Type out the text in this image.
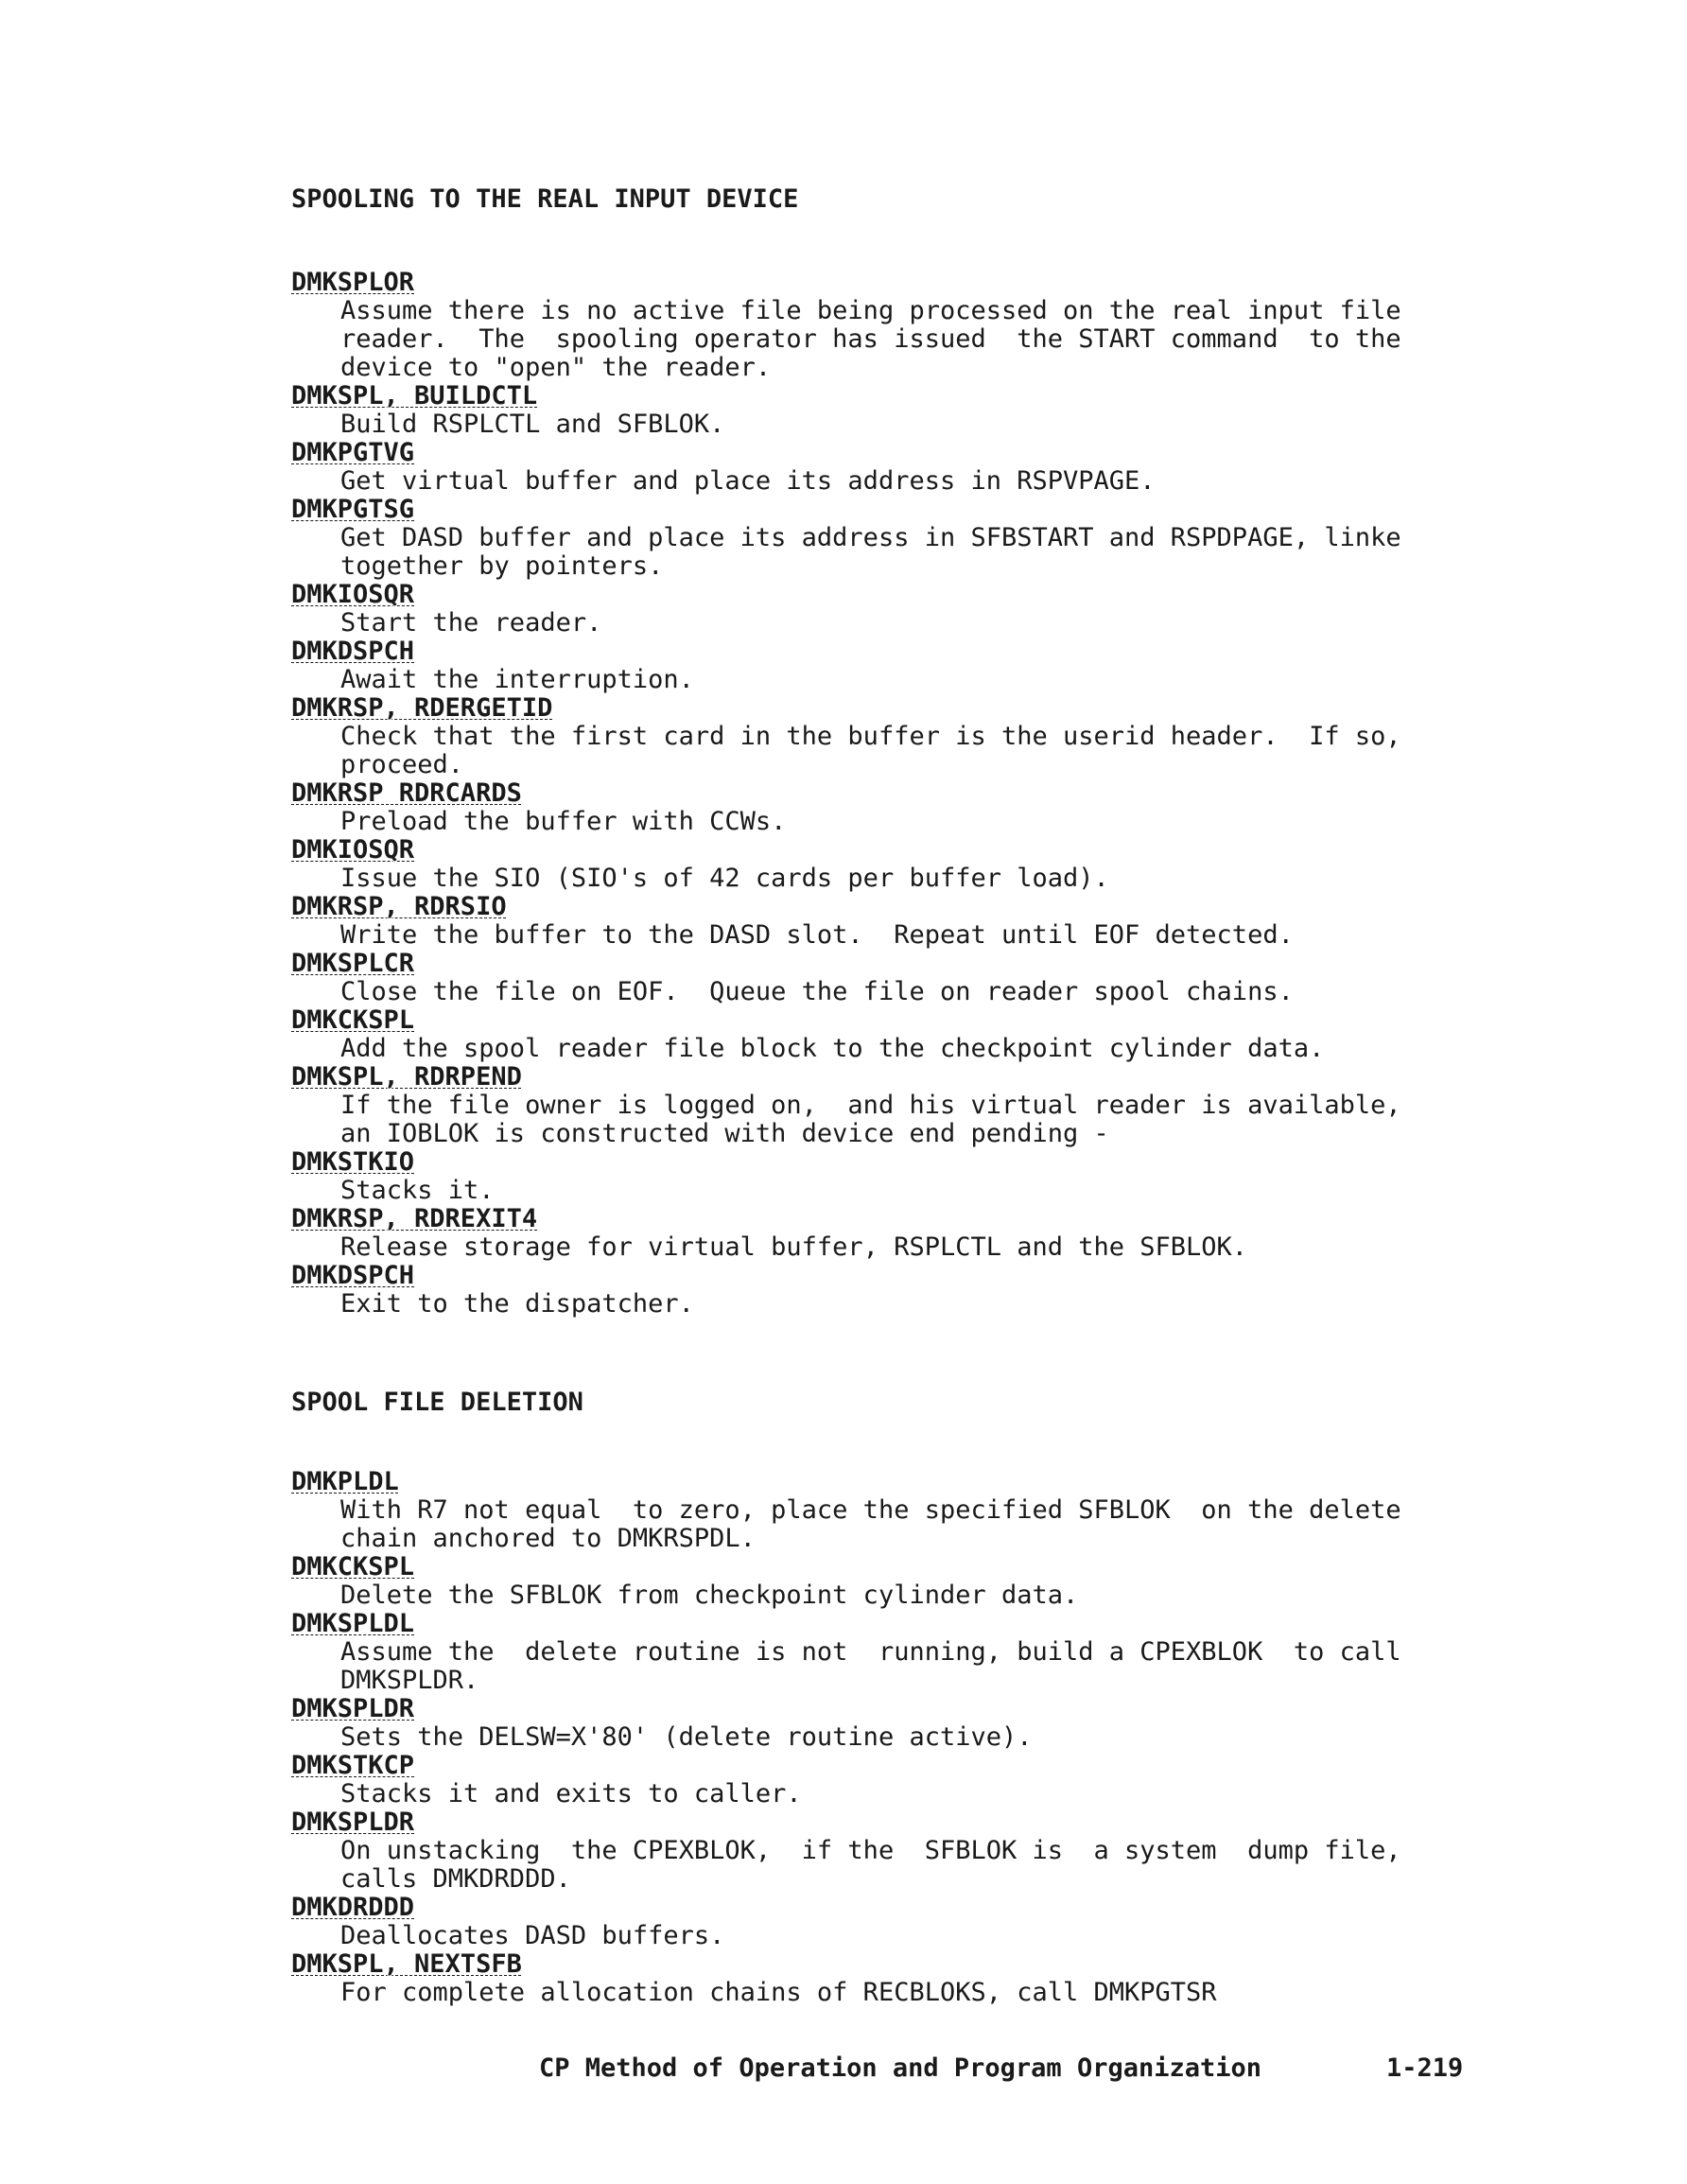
SPOOLING TO THE REAL INPUT DEVICE
DMKSPLOR
Assume there is no active file being processed on the real input file
reader.  The  spooling operator has issued  the START command  to the
device to "open" the reader.
DMKSPL, BUILDCTL
Build RSPLCTL and SFBLOK.
DMKPGTVG
Get virtual buffer and place its address in RSPVPAGE.
DMKPGTSG
Get DASD buffer and place its address in SFBSTART and RSPDPAGE, linke
together by pointers.
DMKIOSQR
Start the reader.
DMKDSPCH
Await the interruption.
DMKRSP, RDERGETID
Check that the first card in the buffer is the userid header.  If so,
proceed.
DMKRSP RDRCARDS
Preload the buffer with CCWs.
DMKIOSQR
Issue the SIO (SIO's of 42 cards per buffer load).
DMKRSP, RDRSIO
Write the buffer to the DASD slot.  Repeat until EOF detected.
DMKSPLCR
Close the file on EOF.  Queue the file on reader spool chains.
DMKCKSPL
Add the spool reader file block to the checkpoint cylinder data.
DMKSPL, RDRPEND
If the file owner is logged on,  and his virtual reader is available,
an IOBLOK is constructed with device end pending -
DMKSTKIO
Stacks it.
DMKRSP, RDREXIT4
Release storage for virtual buffer, RSPLCTL and the SFBLOK.
DMKDSPCH
Exit to the dispatcher.
SPOOL FILE DELETION
DMKPLDL
With R7 not equal  to zero, place the specified SFBLOK  on the delete
chain anchored to DMKRSPDL.
DMKCKSPL
Delete the SFBLOK from checkpoint cylinder data.
DMKSPLDL
Assume the  delete routine is not  running, build a CPEXBLOK  to call
DMKSPLDR.
DMKSPLDR
Sets the DELSW=X'80' (delete routine active).
DMKSTKCP
Stacks it and exits to caller.
DMKSPLDR
On unstacking  the CPEXBLOK,  if the  SFBLOK is  a system  dump file,
calls DMKDRDDD.
DMKDRDDD
Deallocates DASD buffers.
DMKSPL, NEXTSFB
For complete allocation chains of RECBLOKS, call DMKPGTSR

CP Method of Operation and Program Organization	1-219
